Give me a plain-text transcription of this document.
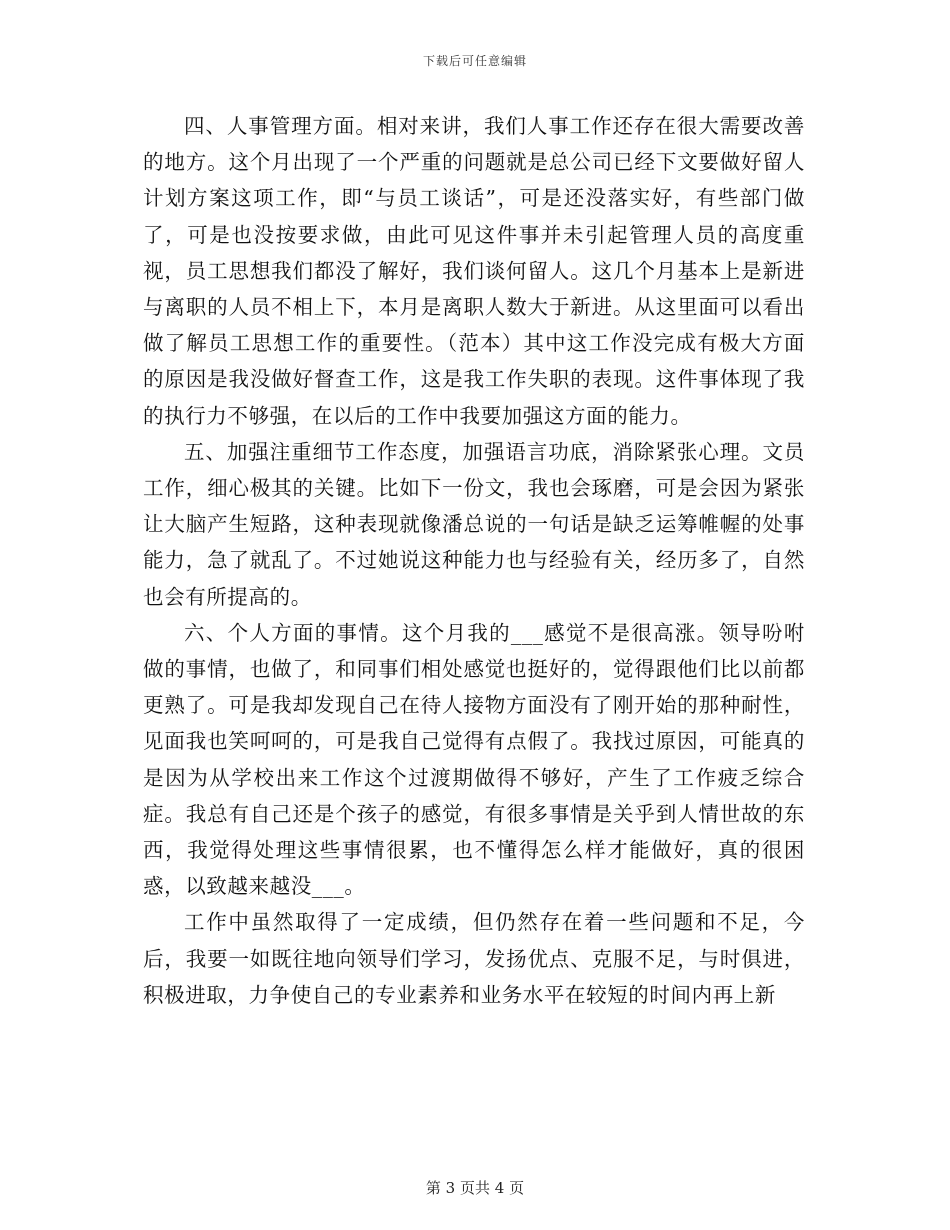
下载后可任意编辑

四、人事管理方面。相对来讲，我们人事工作还存在很大需要改善的地方。这个月出现了一个严重的问题就是总公司已经下文要做好留人计划方案这项工作，即“与员工谈话”，可是还没落实好，有些部门做了，可是也没按要求做，由此可见这件事并未引起管理人员的高度重视，员工思想我们都没了解好，我们谈何留人。这几个月基本上是新进与离职的人员不相上下，本月是离职人数大于新进。从这里面可以看出做了解员工思想工作的重要性。（范本）其中这工作没完成有极大方面的原因是我没做好督查工作，这是我工作失职的表现。这件事体现了我的执行力不够强，在以后的工作中我要加强这方面的能力。

五、加强注重细节工作态度，加强语言功底，消除紧张心理。文员工作，细心极其的关键。比如下一份文，我也会琢磨，可是会因为紧张让大脑产生短路，这种表现就像潘总说的一句话是缺乏运筹帷幄的处事能力，急了就乱了。不过她说这种能力也与经验有关，经历多了，自然也会有所提高的。

六、个人方面的事情。这个月我的___感觉不是很高涨。领导吩咐做的事情，也做了，和同事们相处感觉也挺好的，觉得跟他们比以前都更熟了。可是我却发现自己在待人接物方面没有了刚开始的那种耐性，见面我也笑呵呵的，可是我自己觉得有点假了。我找过原因，可能真的是因为从学校出来工作这个过渡期做得不够好，产生了工作疲乏综合症。我总有自己还是个孩子的感觉，有很多事情是关乎到人情世故的东西，我觉得处理这些事情很累，也不懂得怎么样才能做好，真的很困惑，以致越来越没___。

工作中虽然取得了一定成绩，但仍然存在着一些问题和不足，今后，我要一如既往地向领导们学习，发扬优点、克服不足，与时俱进，积极进取，力争使自己的专业素养和业务水平在较短的时间内再上新

第 3 页共 4 页
